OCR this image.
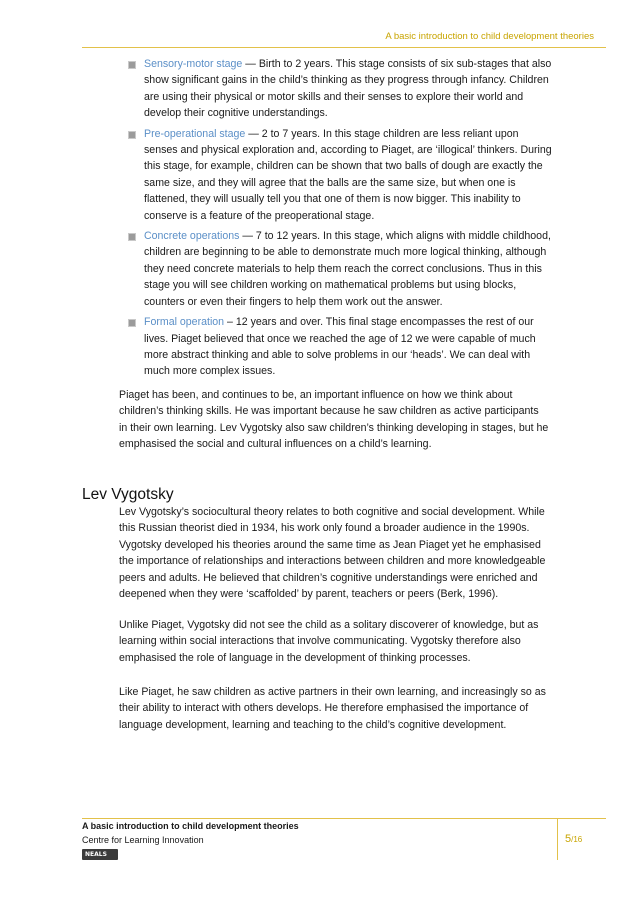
A basic introduction to child development theories
Sensory-motor stage — Birth to 2 years. This stage consists of six sub-stages that also show significant gains in the child’s thinking as they progress through infancy. Children are using their physical or motor skills and their senses to explore their world and develop their cognitive understandings.
Pre-operational stage — 2 to 7 years. In this stage children are less reliant upon senses and physical exploration and, according to Piaget, are ‘illogical’ thinkers. During this stage, for example, children can be shown that two balls of dough are exactly the same size, and they will agree that the balls are the same size, but when one is flattened, they will usually tell you that one of them is now bigger. This inability to conserve is a feature of the preoperational stage.
Concrete operations — 7 to 12 years. In this stage, which aligns with middle childhood, children are beginning to be able to demonstrate much more logical thinking, although they need concrete materials to help them reach the correct conclusions. Thus in this stage you will see children working on mathematical problems but using blocks, counters or even their fingers to help them work out the answer.
Formal operation – 12 years and over. This final stage encompasses the rest of our lives. Piaget believed that once we reached the age of 12 we were capable of much more abstract thinking and able to solve problems in our ‘heads’. We can deal with much more complex issues.

Piaget has been, and continues to be, an important influence on how we think about children’s thinking skills. He was important because he saw children as active participants in their own learning. Lev Vygotsky also saw children’s thinking developing in stages, but he emphasised the social and cultural influences on a child’s learning.

Lev Vygotsky

Lev Vygotsky’s sociocultural theory relates to both cognitive and social development. While this Russian theorist died in 1934, his work only found a broader audience in the 1990s. Vygotsky developed his theories around the same time as Jean Piaget yet he emphasised the importance of relationships and interactions between children and more knowledgeable peers and adults. He believed that children’s cognitive understandings were enriched and deepened when they were ‘scaffolded’ by parent, teachers or peers (Berk, 1996).

Unlike Piaget, Vygotsky did not see the child as a solitary discoverer of knowledge, but as learning within social interactions that involve communicating. Vygotsky therefore also emphasised the role of language in the development of thinking processes.

Like Piaget, he saw children as active partners in their own learning, and increasingly so as their ability to interact with others develops. He therefore emphasised the importance of language development, learning and teaching to the child’s cognitive development.

A basic introduction to child development theories
Centre for Learning Innovation	5/16
NEALS
